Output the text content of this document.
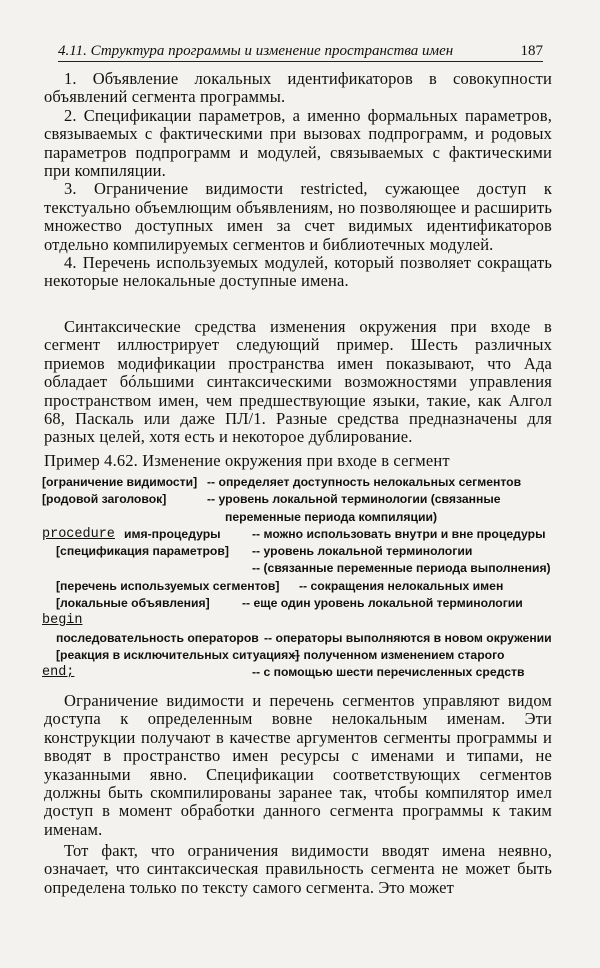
4.11. Структура программы и изменение пространства имен	187

1. Объявление локальных идентификаторов в совокупности объявлений сегмента программы.

2. Спецификации параметров, а именно формальных параметров, связываемых с фактическими при вызовах подпрограмм, и родовых параметров подпрограмм и модулей, связываемых с фактическими при компиляции.

3. Ограничение видимости restricted, сужающее доступ к текстуально объемлющим объявлениям, но позволяющее и расширить множество доступных имен за счет видимых идентификаторов отдельно компилируемых сегментов и библиотечных модулей.

4. Перечень используемых модулей, который позволяет сокращать некоторые нелокальные доступные имена.

Синтаксические средства изменения окружения при входе в сегмент иллюстрирует следующий пример. Шесть различных приемов модификации пространства имен показывают, что Ада обладает бóльшими синтаксическими возможностями управления пространством имен, чем предшествующие языки, такие, как Алгол 68, Паскаль или даже ПЛ/1. Разные средства предназначены для разных целей, хотя есть и некоторое дублирование.

Пример 4.62. Изменение окружения при входе в сегмент

[ограничение видимости] -- определяет доступность нелокальных сегментов
[родовой заголовок]	-- уровень локальной терминологии (связанные
переменные периода компиляции)
procedure имя-процедуры	-- можно использовать внутри и вне процедуры
[спецификация параметров] -- уровень локальной терминологии
-- (связанные переменные периода выполнения)
[перечень используемых сегментов] -- сокращения нелокальных имен
[локальные объявления]	-- еще один уровень локальной терминологии
begin
последовательность операторов -- операторы выполняются в новом окружении
[реакция в исключительных ситуациях]
-- полученном изменением старого
end;	-- с помощью шести перечисленных средств

Ограничение видимости и перечень сегментов управляют видом доступа к определенным вовне нелокальным именам. Эти конструкции получают в качестве аргументов сегменты программы и вводят в пространство имен ресурсы с именами и типами, не указанными явно. Спецификации соответствующих сегментов должны быть скомпилированы заранее так, чтобы компилятор имел доступ в момент обработки данного сегмента программы к таким именам.

Тот факт, что ограничения видимости вводят имена неявно, означает, что синтаксическая правильность сегмента не может быть определена только по тексту самого сегмента. Это может
